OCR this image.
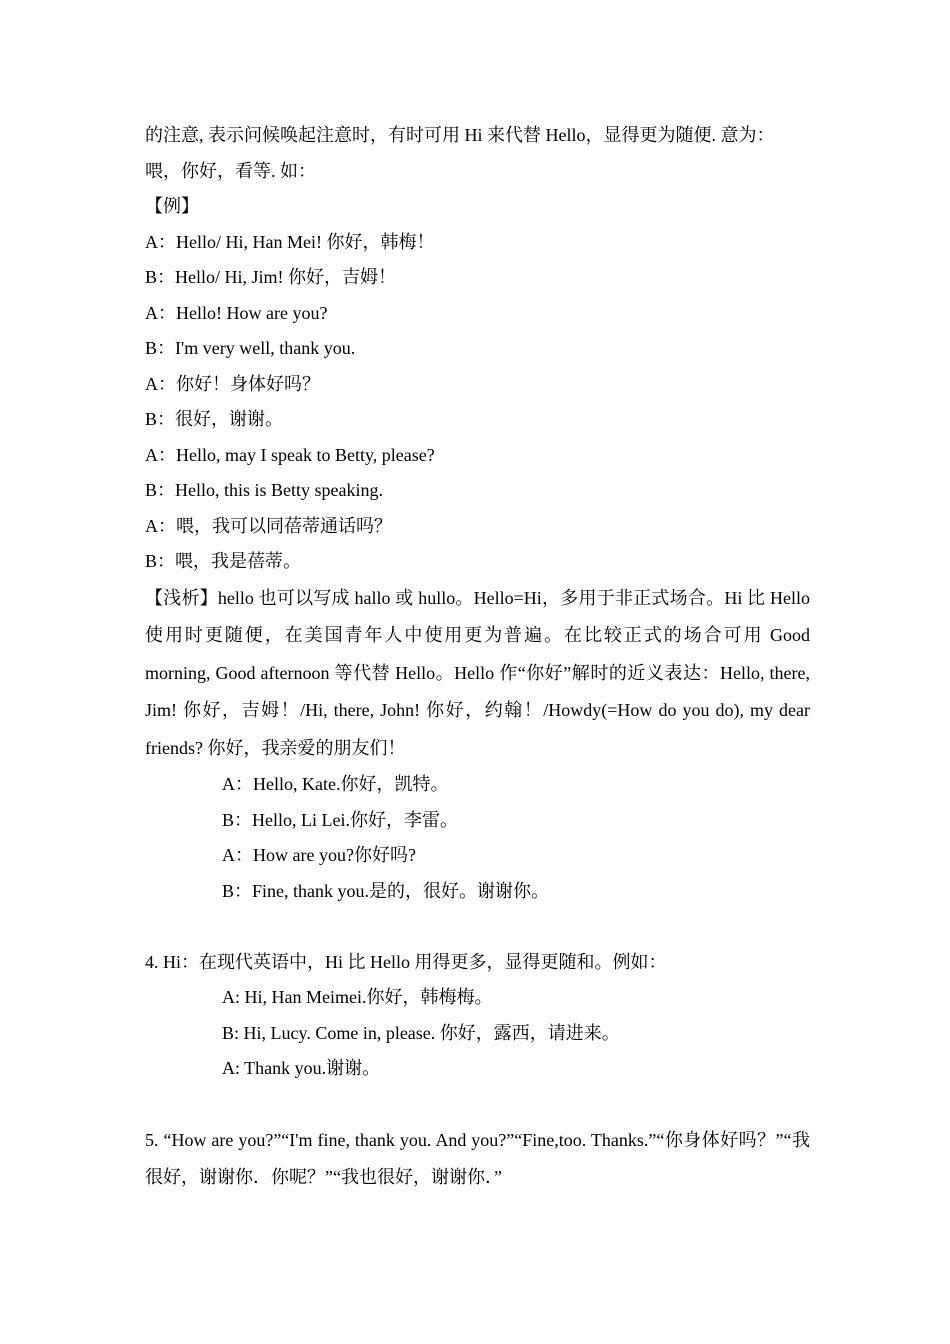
的注意, 表示问候唤起注意时，有时可用 Hi 来代替 Hello，显得更为随便. 意为：
喂，你好，看等. 如：
【例】
A：Hello/ Hi, Han Mei! 你好，韩梅！
B：Hello/ Hi, Jim! 你好，吉姆！
A：Hello! How are you?
B：I'm very well, thank you.
A：你好！身体好吗？
B：很好，谢谢。
A：Hello, may I speak to Betty, please?
B：Hello, this is Betty speaking.
A：喂，我可以同蓓蒂通话吗？
B：喂，我是蓓蒂。
【浅析】hello 也可以写成 hallo 或 hullo。Hello=Hi，多用于非正式场合。Hi 比 Hello 使用时更随便，在美国青年人中使用更为普遍。在比较正式的场合可用 Good morning, Good afternoon 等代替 Hello。Hello 作“你好”解时的近义表达：Hello, there, Jim! 你好，吉姆！/Hi, there, John! 你好，约翰！/Howdy(=How do you do), my dear friends? 你好，我亲爱的朋友们！
A：Hello, Kate.你好，凯特。
B：Hello, Li Lei.你好，李雷。
A：How are you?你好吗?
B：Fine, thank you.是的，很好。谢谢你。
4. Hi：在现代英语中，Hi 比 Hello 用得更多，显得更随和。例如：
A: Hi, Han Meimei.你好，韩梅梅。
B: Hi, Lucy. Come in, please. 你好，露西，请进来。
A: Thank you.谢谢。
5. “How are you?”“I'm fine, thank you. And you?”“Fine,too. Thanks.”“你身体好吗？”“我很好，谢谢你．你呢？”“我也很好，谢谢你．”
